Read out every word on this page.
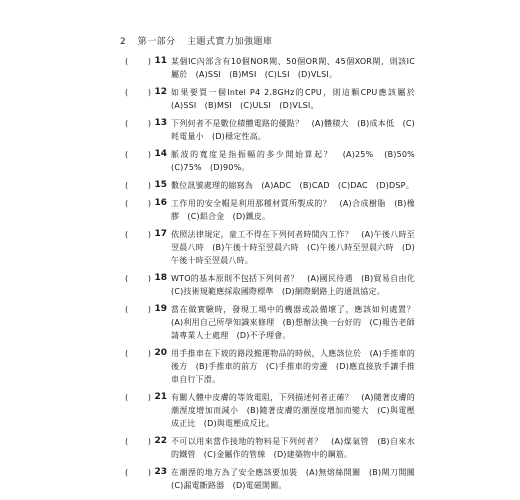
2 第一部分 主題式實力加強題庫
( ) 11 某個IC內部含有10個NOR閘、50個OR閘、45個XOR閘，則該IC屬於　(A)SSI　(B)MSI　(C)LSI　(D)VLSI。
( ) 12 如果要買一個Intel P4 2.8GHz的CPU，則這顆CPU應該屬於(A)SSI　(B)MSI　(C)ULSI　(D)VLSI。
( ) 13 下列何者不是數位積體電路的優點？　(A)體積大　(B)成本低　(C)耗電量小　(D)穩定性高。
( ) 14 脈波的寬度是指振幅的多少開始算起？　(A)25%　(B)50%　(C)75%　(D)90%。
( ) 15 數位訊號處理的縮寫為　(A)ADC　(B)CAD　(C)DAC　(D)DSP。
( ) 16 工作用的安全帽是利用那種材質所製成的？　(A)合成樹脂　(B)橡膠　(C)鋁合金　(D)鐵皮。
( ) 17 依照法律規定，童工不得在下列何者時間內工作？　(A)午後八時至翌晨八時　(B)午後十時至翌晨六時　(C)午後八時至翌晨六時　(D)午後十時至翌晨八時。
( ) 18 WTO的基本原則不包括下列何者？　(A)國民待遇　(B)貿易自由化　(C)技術規範應採取國際標準　(D)網際網路上的通訊協定。
( ) 19 當在做實驗時，發現工場中的機器或設備壞了，應該如何處置？　(A)利用自己所學知識來修理　(B)想辦法換一台好的　(C)報告老師請專業人士處理　(D)不予理會。
( ) 20 用手推車在下坡的路段搬運物品的時候，人應該位於　(A)手推車的後方　(B)手推車的前方　(C)手推車的旁邊　(D)應直接放手讓手推車自行下滑。
( ) 21 有關人體中皮膚的等效電阻，下列描述何者正確？　(A)隨著皮膚的潮溼度增加而減小　(B)隨著皮膚的潮溼度增加而變大　(C)與電壓成正比　(D)與電壓成反比。
( ) 22 不可以用來當作接地的物料是下列何者？　(A)煤氣管　(B)自來水的鐵管　(C)金屬作的管線　(D)建築物中的鋼筋。
( ) 23 在潮溼的地方為了安全應該要加裝　(A)無熔絲開關　(B)閘刀開關　(C)漏電斷路器　(D)電磁開關。
